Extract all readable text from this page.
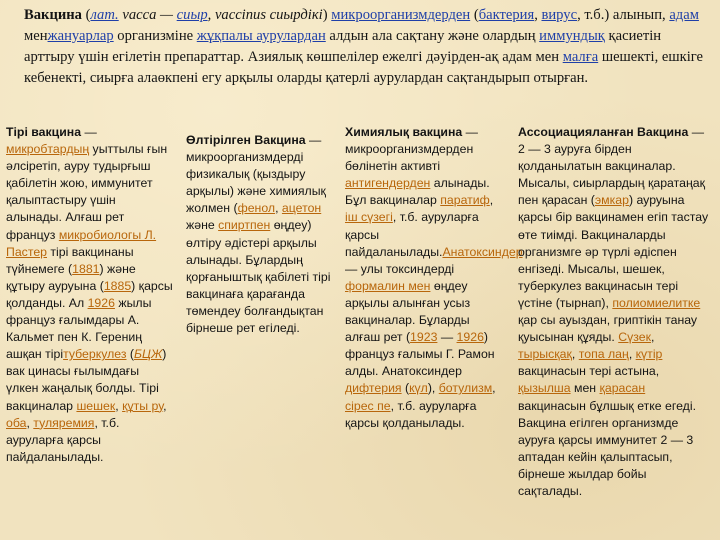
Вакцина (лат. vacca — сиыр, vaccinus сиырдікі) микроорганизмдерден (бактерия, вирус, т.б.) алынып, адам менжануарлар организміне жұқпалы аурулардан алдын ала сақтану және олардың иммундық қасиетін арттыру үшін егілетін препараттар. Азиялық көшпелілер ежелгі дәуірден-ақ адам мен малға шешекті, ешкіге кебенекті, сиырға алаөкпені егу арқылы оларды қатерлі аурулардан сақтандырып отырған.

Тірі вакцина — микробтардың уыттылы ғын әлсіретіп, ауру тудырғыш қабілетін жою, иммунитет қалыптастыру үшін алынады. Алғаш рет француз микробиологы Л. Пастер тірі вакцинаны түйнемеге (1881) және құтыру ауруына (1885) қарсы қолданды. Ал 1926 жылы француз ғалымдары А. Кальмет пен К. Герениң ашқан тірітуберкулез (БЦЖ) вак цинасы ғылымдағы үлкен жаңалық болды. Тірі вакциналар шешек, құты ру, оба, туляремия, т.б. ауруларға қарсы пайдаланылады.
Өлтірілген Вакцина — микроорганизмдерді физикалық (қыздыру арқылы) және химиялық жолмен (фенол, ацетон және спиртпен өңдеу) өлтіру әдістері арқылы алынады. Бұлардың қорғаныштық қабілеті тірі вакцинаға қарағанда төмендеу болғандықтан бірнеше рет егіледі.
Химиялық вакцина — микроорганизмдерден бөлінетін активті антигендерден алынады. Бұл вакциналар паратиф, іш сүзегі, т.б. ауруларға қарсы пайдаланылады.Анатоксиндер — улы токсиндерді формалин мен өңдеу арқылы алынған усыз вакциналар. Бұларды алғаш рет (1923 — 1926) француз ғалымы Г. Рамон алды. Анатоксиндер дифтерия (күл), ботулизм, сірес пе, т.б. ауруларға қарсы қолданылады.
Ассоциацияланған Вакцина — 2 — 3 ауруға бірден қолданылатын вакциналар. Мысалы, сиырлардың қаратаңақ пен қарасан (эмкар) ауруына қарсы бір вакцинамен егіп тастау өте тиімді. Вакциналарды организмге әр түрлі әдіспен енгізеді. Мысалы, шешек, туберкулез вакцинасын тері үстіне (тырнап), полиомиелитке қар сы ауыздан, гриптікін танау қуысынан құяды. Сүзек, тырысқақ, топа лаң, күтір вакцинасын тері астына, қызылша мен қарасан вакцинасын бұлшық етке егеді. Вакцина егілген организмде ауруға қарсы иммунитет 2 — 3 аптадан кейін қалыптасып, бірнеше жылдар бойы сақталады.
